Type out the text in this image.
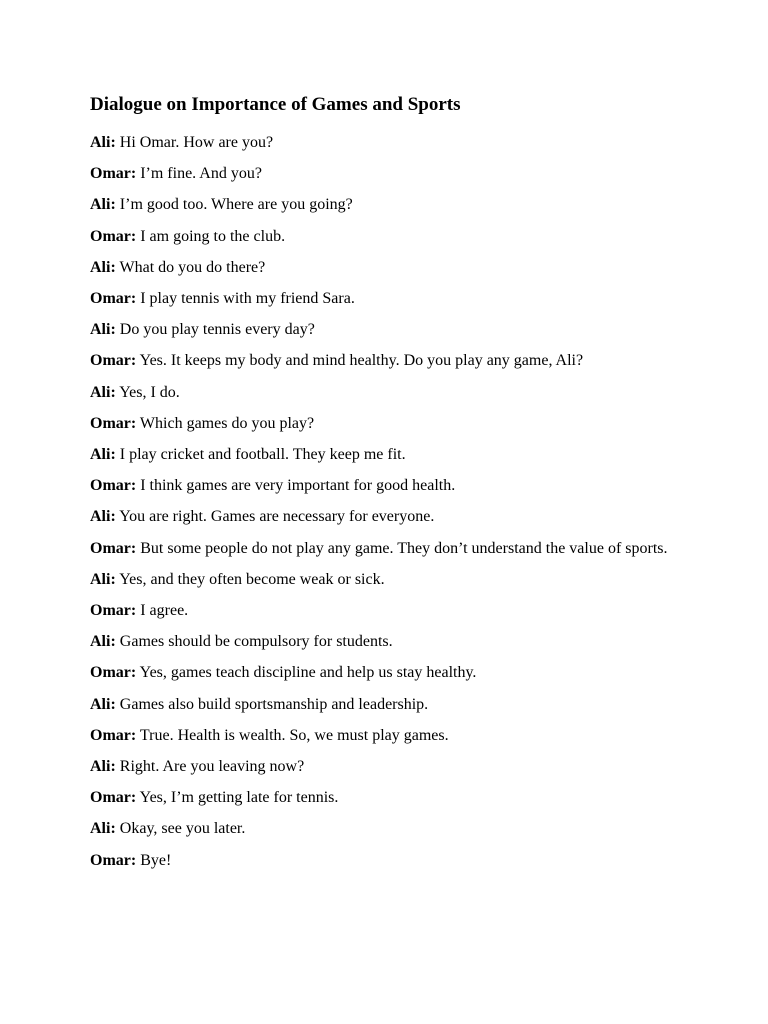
Dialogue on Importance of Games and Sports
Ali: Hi Omar. How are you?
Omar: I’m fine. And you?
Ali: I’m good too. Where are you going?
Omar: I am going to the club.
Ali: What do you do there?
Omar: I play tennis with my friend Sara.
Ali: Do you play tennis every day?
Omar: Yes. It keeps my body and mind healthy. Do you play any game, Ali?
Ali: Yes, I do.
Omar: Which games do you play?
Ali: I play cricket and football. They keep me fit.
Omar: I think games are very important for good health.
Ali: You are right. Games are necessary for everyone.
Omar: But some people do not play any game. They don’t understand the value of sports.
Ali: Yes, and they often become weak or sick.
Omar: I agree.
Ali: Games should be compulsory for students.
Omar: Yes, games teach discipline and help us stay healthy.
Ali: Games also build sportsmanship and leadership.
Omar: True. Health is wealth. So, we must play games.
Ali: Right. Are you leaving now?
Omar: Yes, I’m getting late for tennis.
Ali: Okay, see you later.
Omar: Bye!
